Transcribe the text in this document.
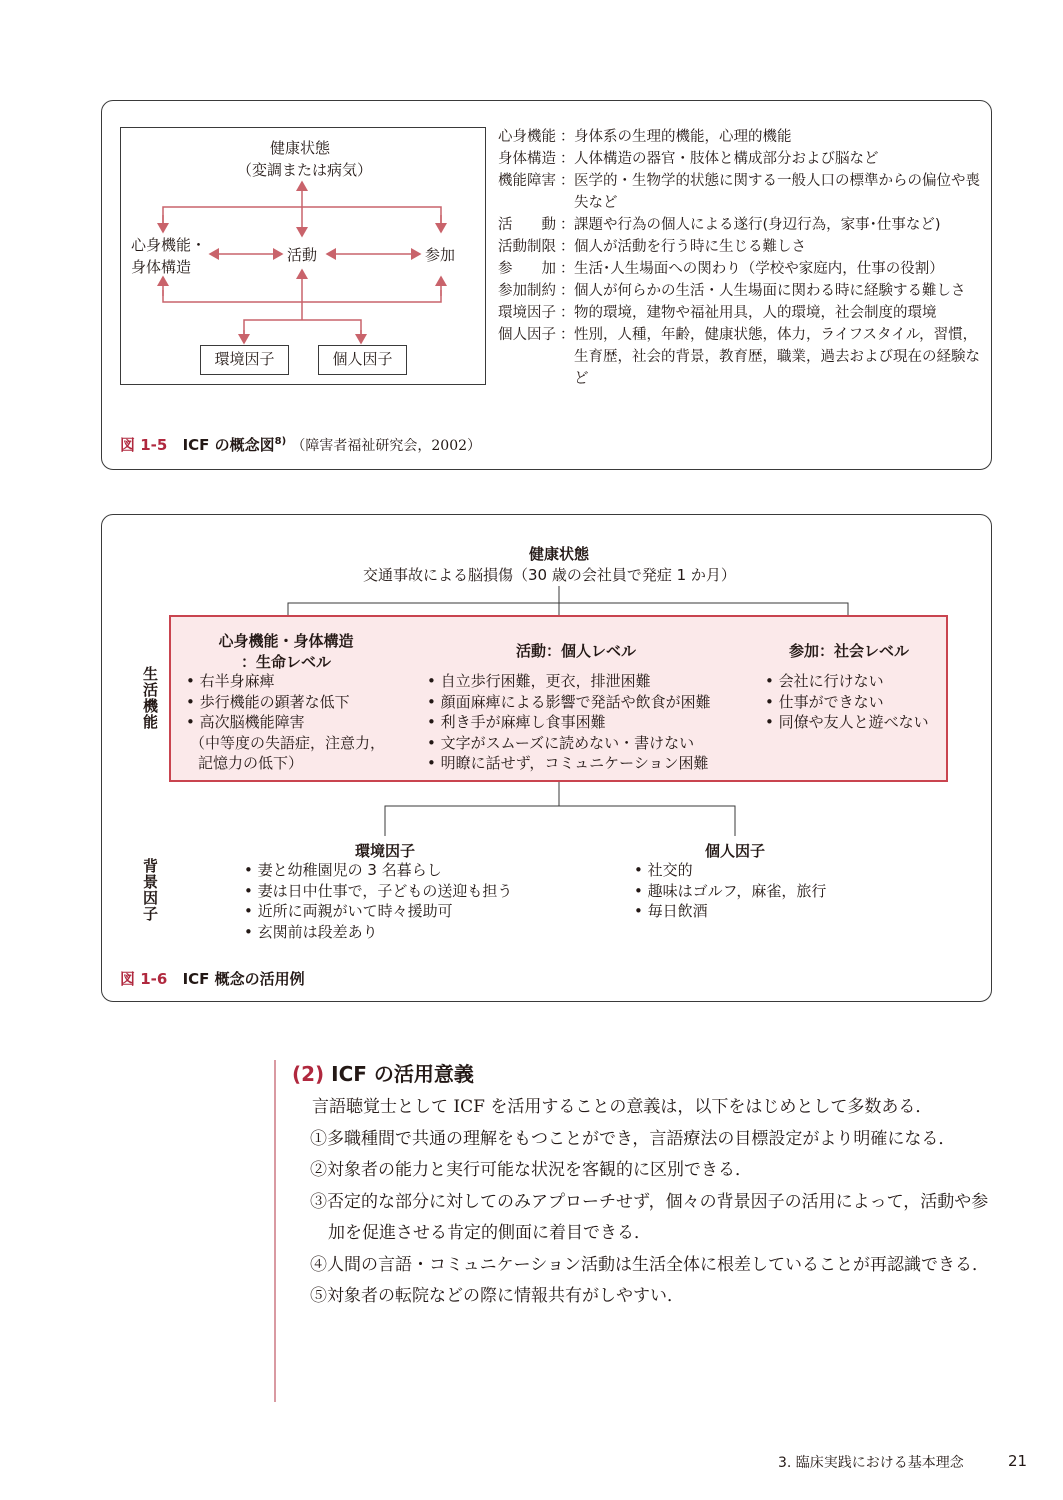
健康状態
（変調または病気）
心身機能・
身体構造
活動	参加
環境因子	個人因子
心身機能 ： 身体系の生理的機能，心理的機能
身体構造 ： 人体構造の器官・肢体と構成部分および脳など
機能障害 ： 医学的・生物学的状態に関する一般人口の標準からの偏位や喪失など
活　　動 ： 課題や行為の個人による遂行(身辺行為，家事･仕事など)
活動制限 ： 個人が活動を行う時に生じる難しさ
参　　加 ： 生活･人生場面への関わり（学校や家庭内，仕事の役割）
参加制約 ： 個人が何らかの生活・人生場面に関わる時に経験する難しさ
環境因子 ： 物的環境，建物や福祉用具，人的環境，社会制度的環境
個人因子 ： 性別，人種，年齢，健康状態，体力，ライフスタイル，習慣，生育歴，社会的背景，教育歴，職業，過去および現在の経験など
図 1-5 ICF の概念図$^{8)}$ （障害者福祉研究会，2002）
健康状態
交通事故による脳損傷（30 歳の会社員で発症 1 か月）
生活機能
背景因子
心身機能・身体構造
：生命レベル
• 右半身麻痺
• 歩行機能の顕著な低下
• 高次脳機能障害
（中等度の失語症，注意力，
記憶力の低下）
活動：個人レベル
• 自立歩行困難，更衣，排泄困難
• 顔面麻痺による影響で発話や飲食が困難
• 利き手が麻痺し食事困難
• 文字がスムーズに読めない・書けない
• 明瞭に話せず，コミュニケーション困難
参加：社会レベル
• 会社に行けない
• 仕事ができない
• 同僚や友人と遊べない
環境因子
• 妻と幼稚園児の 3 名暮らし
• 妻は日中仕事で，子どもの送迎も担う
• 近所に両親がいて時々援助可
• 玄関前は段差あり
個人因子
• 社交的
• 趣味はゴルフ，麻雀，旅行
• 毎日飲酒
図 1-6 ICF 概念の活用例
(2) ICF の活用意義

言語聴覚士として ICF を活用することの意義は，以下をはじめとして多数ある．

①多職種間で共通の理解をもつことができ，言語療法の目標設定がより明確になる．

②対象者の能力と実行可能な状況を客観的に区別できる．

③否定的な部分に対してのみアプローチせず，個々の背景因子の活用によって，活動や参加を促進させる肯定的側面に着目できる．

④人間の言語・コミュニケーション活動は生活全体に根差していることが再認識できる．

⑤対象者の転院などの際に情報共有がしやすい．

3. 臨床実践における基本理念	21
